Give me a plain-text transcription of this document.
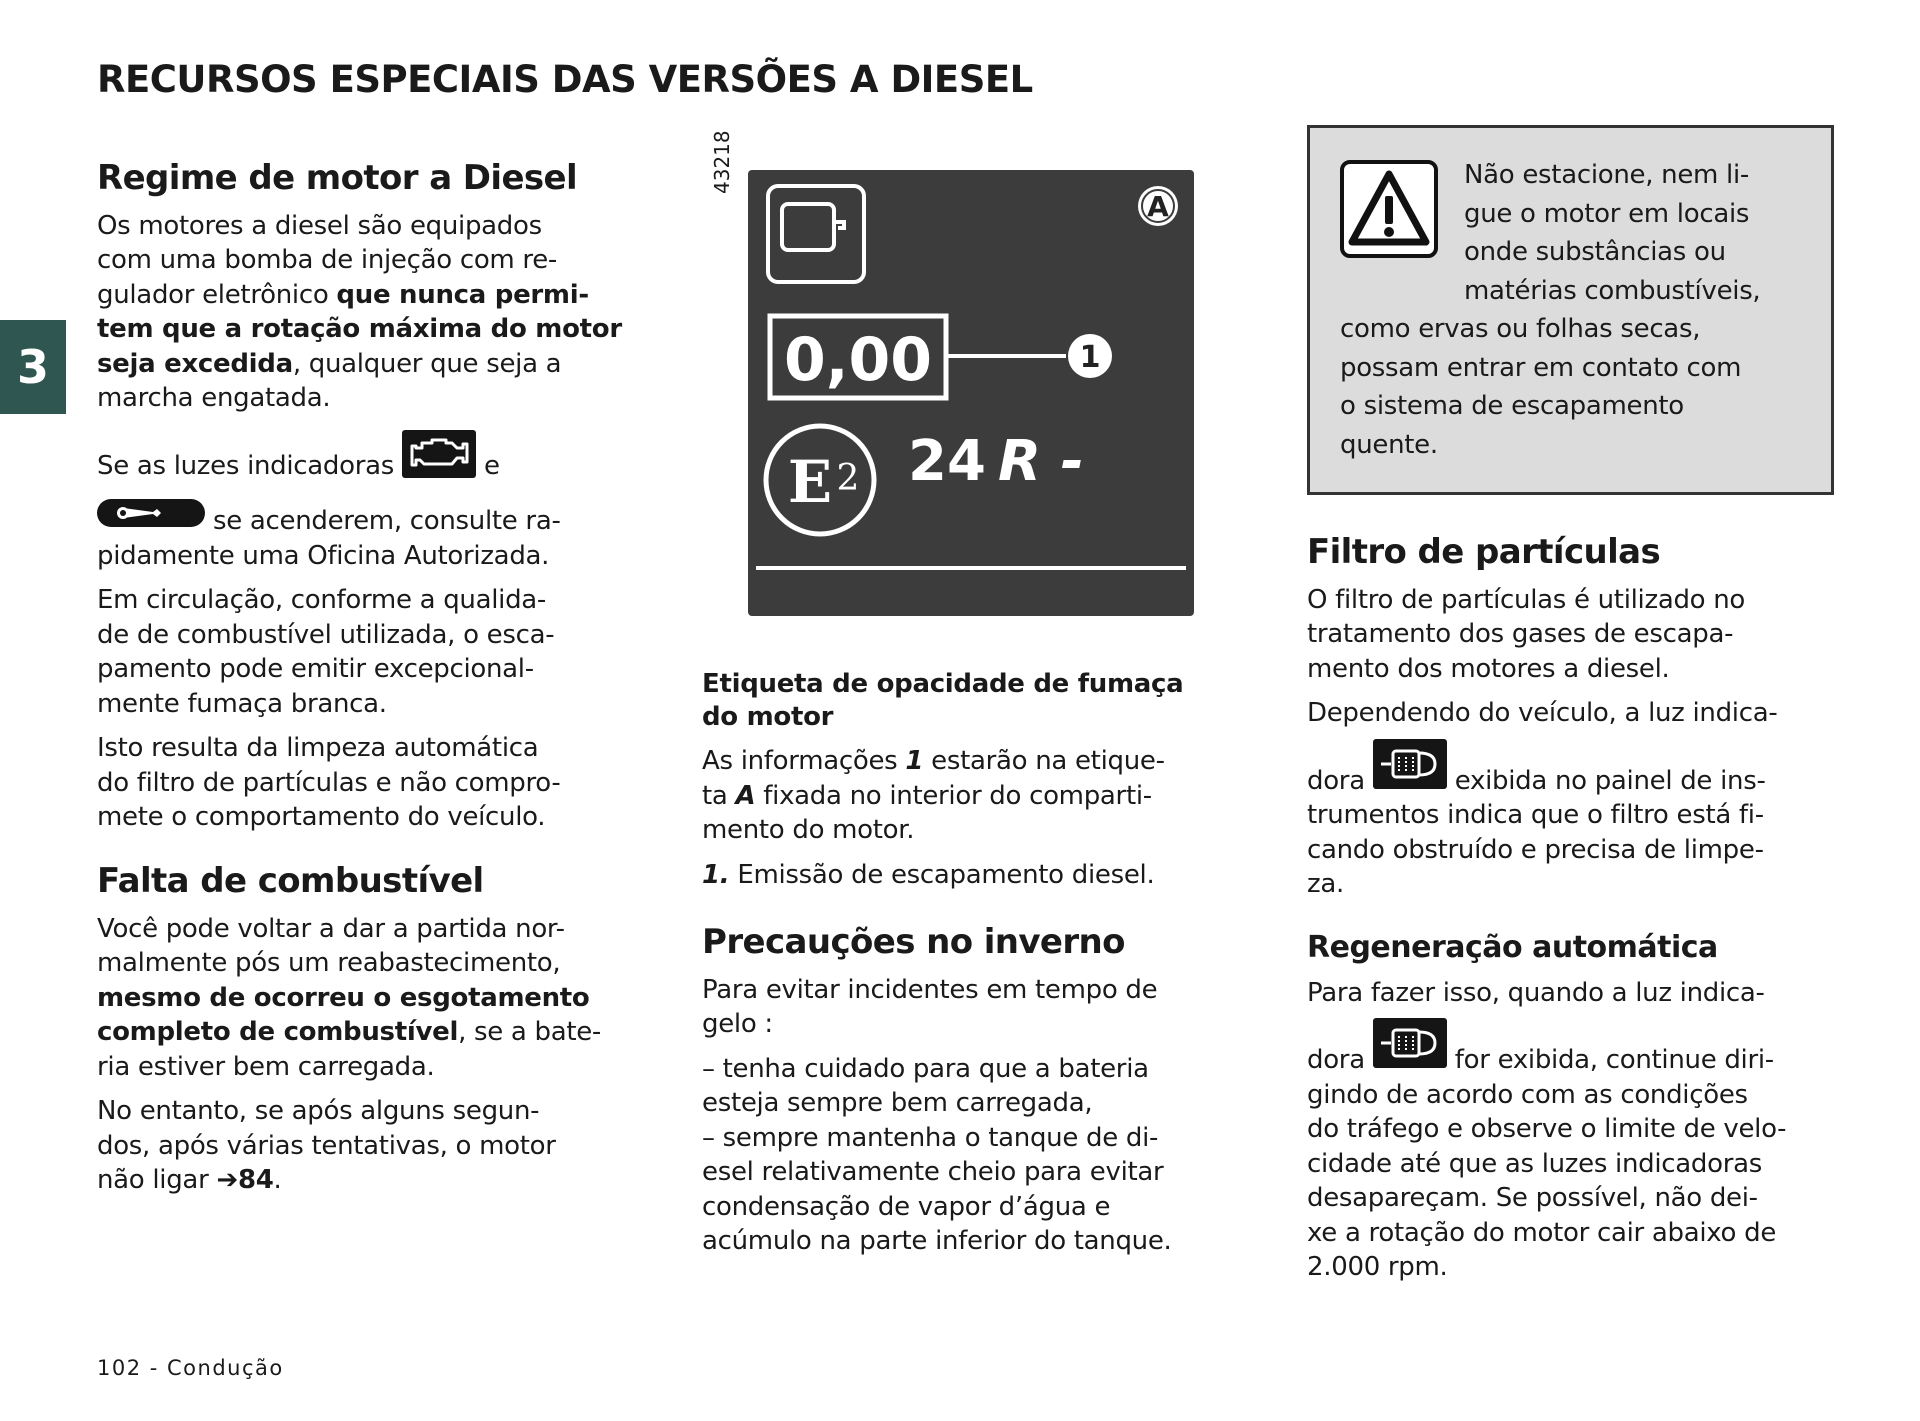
RECURSOS ESPECIAIS DAS VERSÕES A DIESEL
3
Regime de motor a Diesel

Os motores a diesel são equipados
com uma bomba de injeção com re-
gulador eletrônico que nunca permi-
tem que a rotação máxima do motor
seja excedida, qualquer que seja a
marcha engatada.

Se as luzes indicadoras	e

se acenderem, consulte ra-
pidamente uma Oficina Autorizada.

Em circulação, conforme a qualida-
de de combustível utilizada, o esca-
pamento pode emitir excepcional-
mente fumaça branca.

Isto resulta da limpeza automática
do filtro de partículas e não compro-
mete o comportamento do veículo.

Falta de combustível

Você pode voltar a dar a partida nor-
malmente pós um reabastecimento,
mesmo de ocorreu o esgotamento
completo de combustível, se a bate-
ria estiver bem carregada.

No entanto, se após alguns segun-
dos, após várias tentativas, o motor
não ligar ➔84.

43218
A
0,00	1
E 2 24 R -

Etiqueta de opacidade de fumaça
do motor

As informações 1 estarão na etique-
ta A fixada no interior do comparti-
mento do motor.

1. Emissão de escapamento diesel.

Precauções no inverno

Para evitar incidentes em tempo de
gelo :

– tenha cuidado para que a bateria
esteja sempre bem carregada,
– sempre mantenha o tanque de di-
esel relativamente cheio para evitar
condensação de vapor d’água e
acúmulo na parte inferior do tanque.

Não estacione, nem li-
gue o motor em locais
onde substâncias ou
matérias combustíveis,
como ervas ou folhas secas,
possam entrar em contato com
o sistema de escapamento
quente.
Filtro de partículas

O filtro de partículas é utilizado no
tratamento dos gases de escapa-
mento dos motores a diesel.

Dependendo do veículo, a luz indica-
dora	exibida no painel de ins-
trumentos indica que o filtro está fi-
cando obstruído e precisa de limpe-
za.

Regeneração automática

Para fazer isso, quando a luz indica-
dora	for exibida, continue diri-
gindo de acordo com as condições
do tráfego e observe o limite de velo-
cidade até que as luzes indicadoras
desapareçam. Se possível, não dei-
xe a rotação do motor cair abaixo de
2.000 rpm.

102 - Condução
